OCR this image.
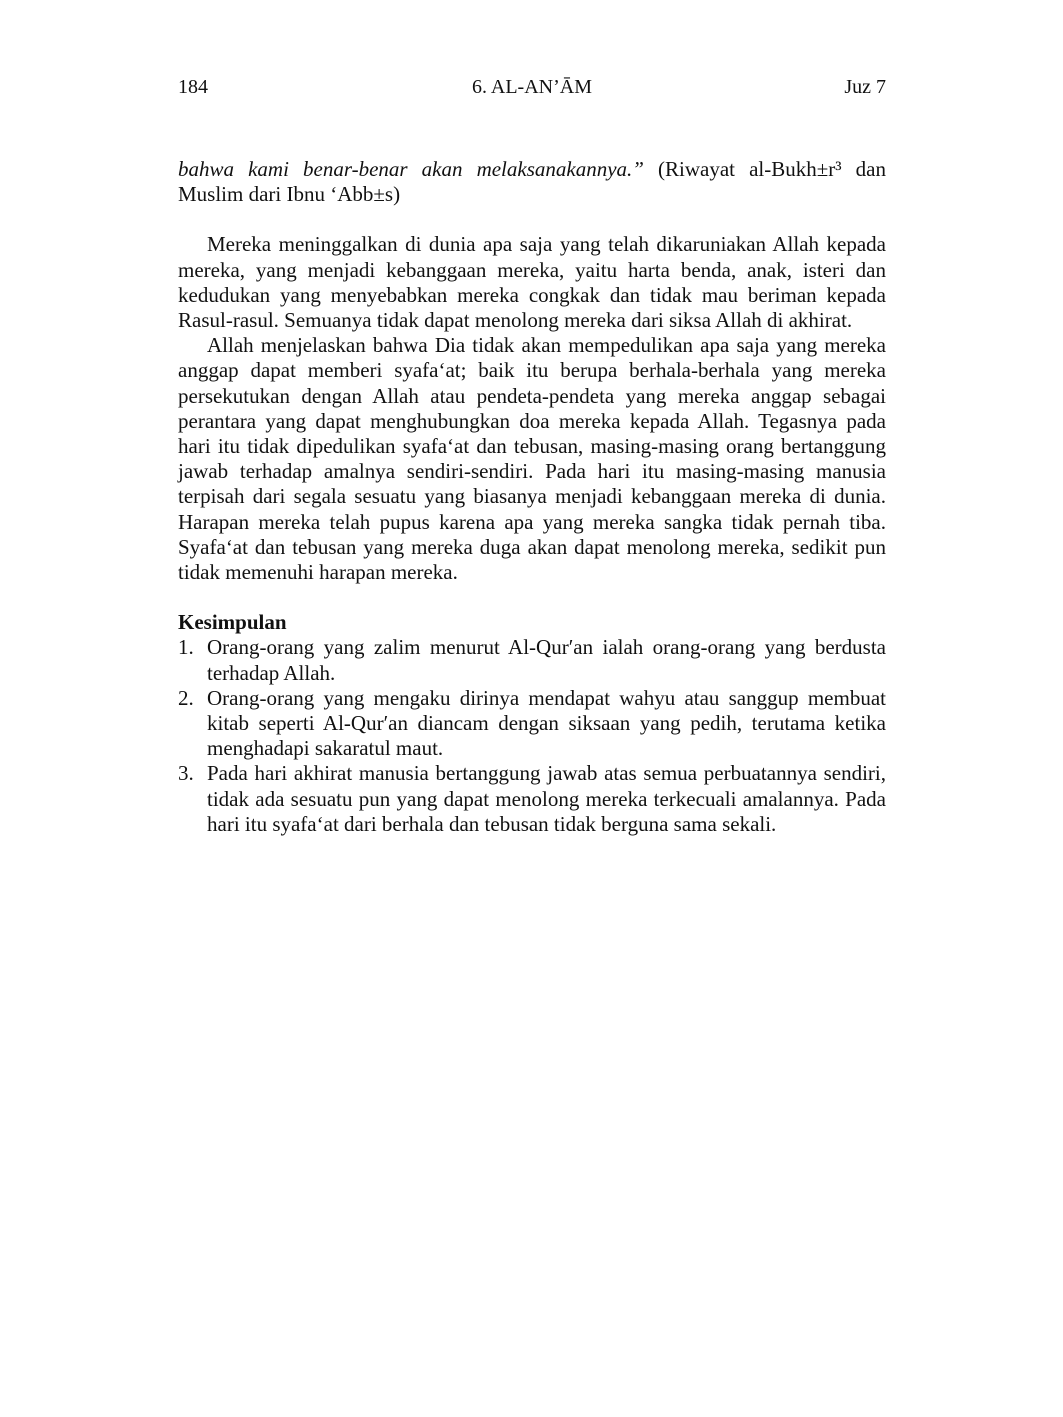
184	6. AL-AN’ĀM	Juz 7

bahwa kami benar-benar akan melaksanakannya.” (Riwayat al-Bukh±r³ dan Muslim dari Ibnu ‘Abb±s)

Mereka meninggalkan di dunia apa saja yang telah dikaruniakan Allah kepada mereka, yang menjadi kebanggaan mereka, yaitu harta benda, anak, isteri dan kedudukan yang menyebabkan mereka congkak dan tidak mau beriman kepada Rasul-rasul. Semuanya tidak dapat menolong mereka dari siksa Allah di akhirat.

Allah menjelaskan bahwa Dia tidak akan mempedulikan apa saja yang mereka anggap dapat memberi syafa‘at; baik itu berupa berhala-berhala yang mereka persekutukan dengan Allah atau pendeta-pendeta yang mereka anggap sebagai perantara yang dapat menghubungkan doa mereka kepada Allah. Tegasnya pada hari itu tidak dipedulikan syafa‘at dan tebusan, masing-masing orang bertanggung jawab terhadap amalnya sendiri-sendiri. Pada hari itu masing-masing manusia terpisah dari segala sesuatu yang biasanya menjadi kebanggaan mereka di dunia. Harapan mereka telah pupus karena apa yang mereka sangka tidak pernah tiba. Syafa‘at dan tebusan yang mereka duga akan dapat menolong mereka, sedikit pun tidak memenuhi harapan mereka.

Kesimpulan
1. Orang-orang yang zalim menurut Al-Qur′an ialah orang-orang yang berdusta terhadap Allah.
2. Orang-orang yang mengaku dirinya mendapat wahyu atau sanggup membuat kitab seperti Al-Qur′an diancam dengan siksaan yang pedih, terutama ketika menghadapi sakaratul maut.
3. Pada hari akhirat manusia bertanggung jawab atas semua perbuatannya sendiri, tidak ada sesuatu pun yang dapat menolong mereka terkecuali amalannya. Pada hari itu syafa‘at dari berhala dan tebusan tidak berguna sama sekali.
